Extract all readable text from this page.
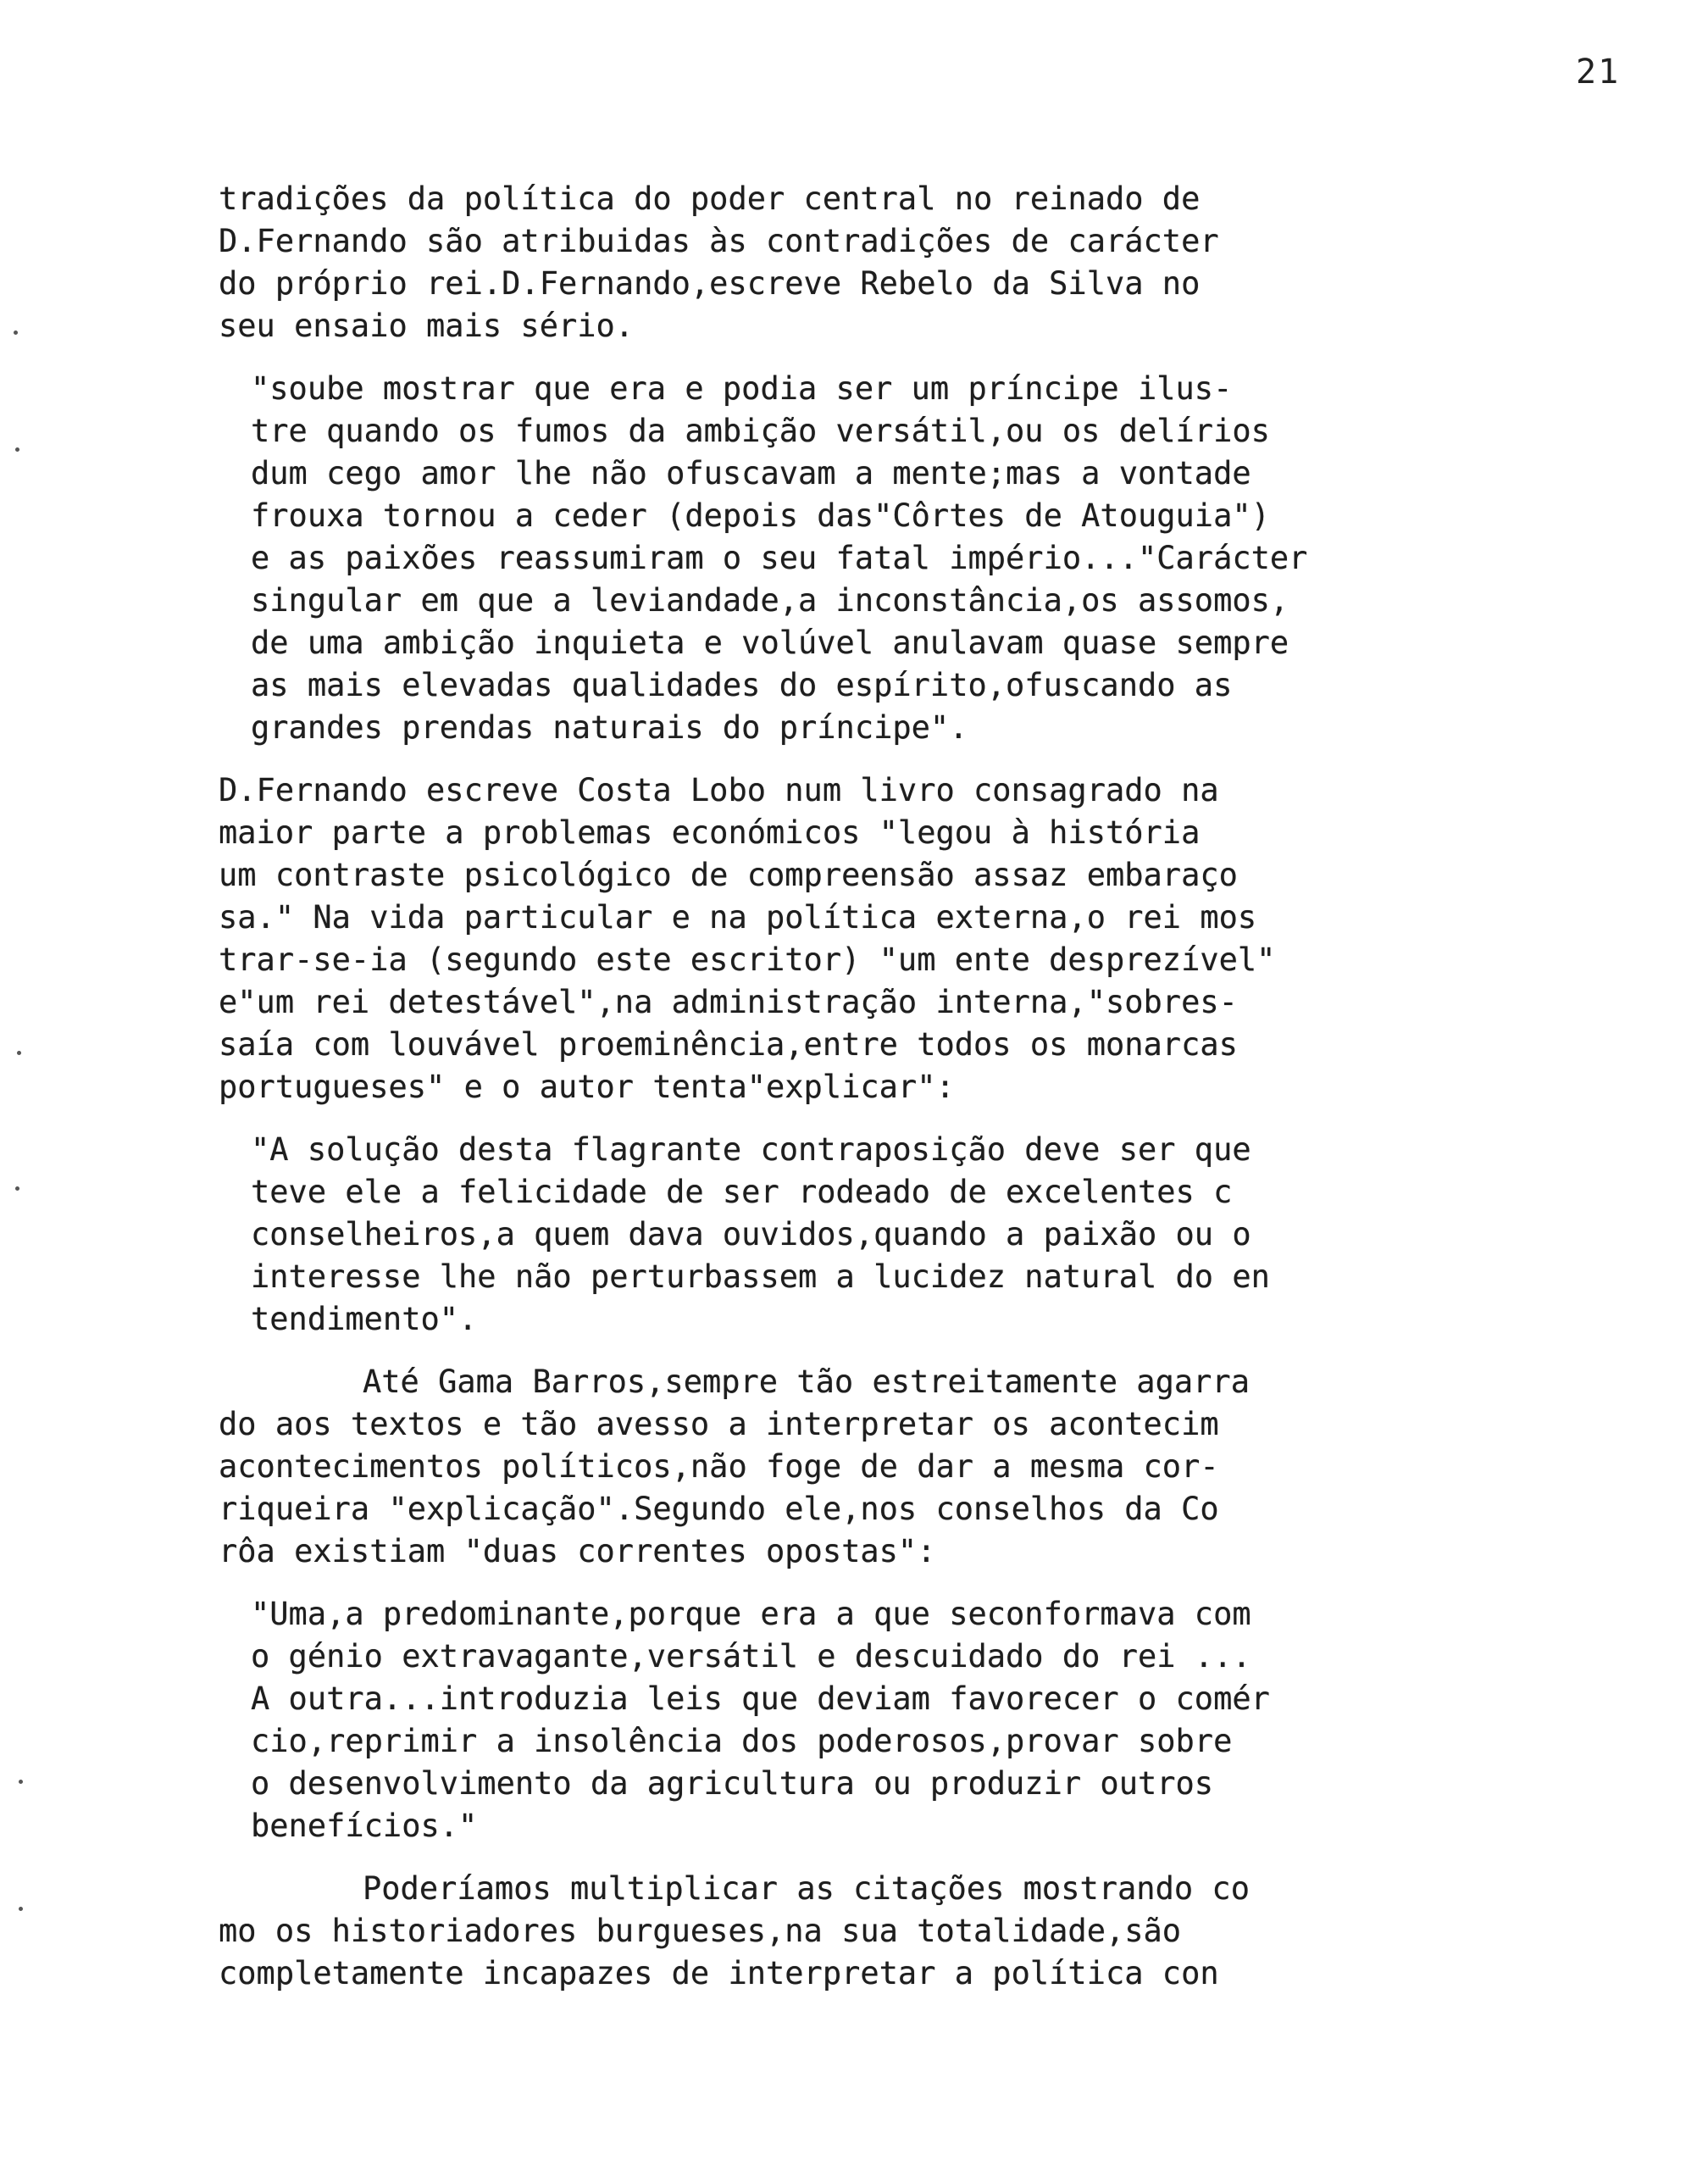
21

tradições da política do poder central no reinado de
D.Fernando são atribuidas às contradições de carácter
do próprio rei.D.Fernando,escreve Rebelo da Silva no
seu ensaio mais sério.

"soube mostrar que era e podia ser um príncipe ilus-
tre quando os fumos da ambição versátil,ou os delírios
dum cego amor lhe não ofuscavam a mente;mas a vontade
frouxa tornou a ceder (depois das"Côrtes de Atouguia")
e as paixões reassumiram o seu fatal império..."Carácter
singular em que a leviandade,a inconstância,os assomos,
de uma ambição inquieta e volúvel anulavam quase sempre
as mais elevadas qualidades do espírito,ofuscando as
grandes prendas naturais do príncipe".

D.Fernando escreve Costa Lobo num livro consagrado na
maior parte a problemas económicos "legou à história
um contraste psicológico de compreensão assaz embaraço
sa." Na vida particular e na política externa,o rei mos
trar-se-ia (segundo este escritor) "um ente desprezível"
e"um rei detestável",na administração interna,"sobres-
saía com louvável proeminência,entre todos os monarcas
portugueses" e o autor tenta"explicar":

"A solução desta flagrante contraposição deve ser que
teve ele a felicidade de ser rodeado de excelentes c
conselheiros,a quem dava ouvidos,quando a paixão ou o
interesse lhe não perturbassem a lucidez natural do en
tendimento".

Até Gama Barros,sempre tão estreitamente agarra
do aos textos e tão avesso a interpretar os acontecim
acontecimentos políticos,não foge de dar a mesma cor-
riqueira "explicação".Segundo ele,nos conselhos da Co
rôa existiam "duas correntes opostas":

"Uma,a predominante,porque era a que seconformava com
o génio extravagante,versátil e descuidado do rei ...
A outra...introduzia leis que deviam favorecer o comér
cio,reprimir a insolência dos poderosos,provar sobre
o desenvolvimento da agricultura ou produzir outros
benefícios."

Poderíamos multiplicar as citações mostrando co
mo os historiadores burgueses,na sua totalidade,são
completamente incapazes de interpretar a política con
